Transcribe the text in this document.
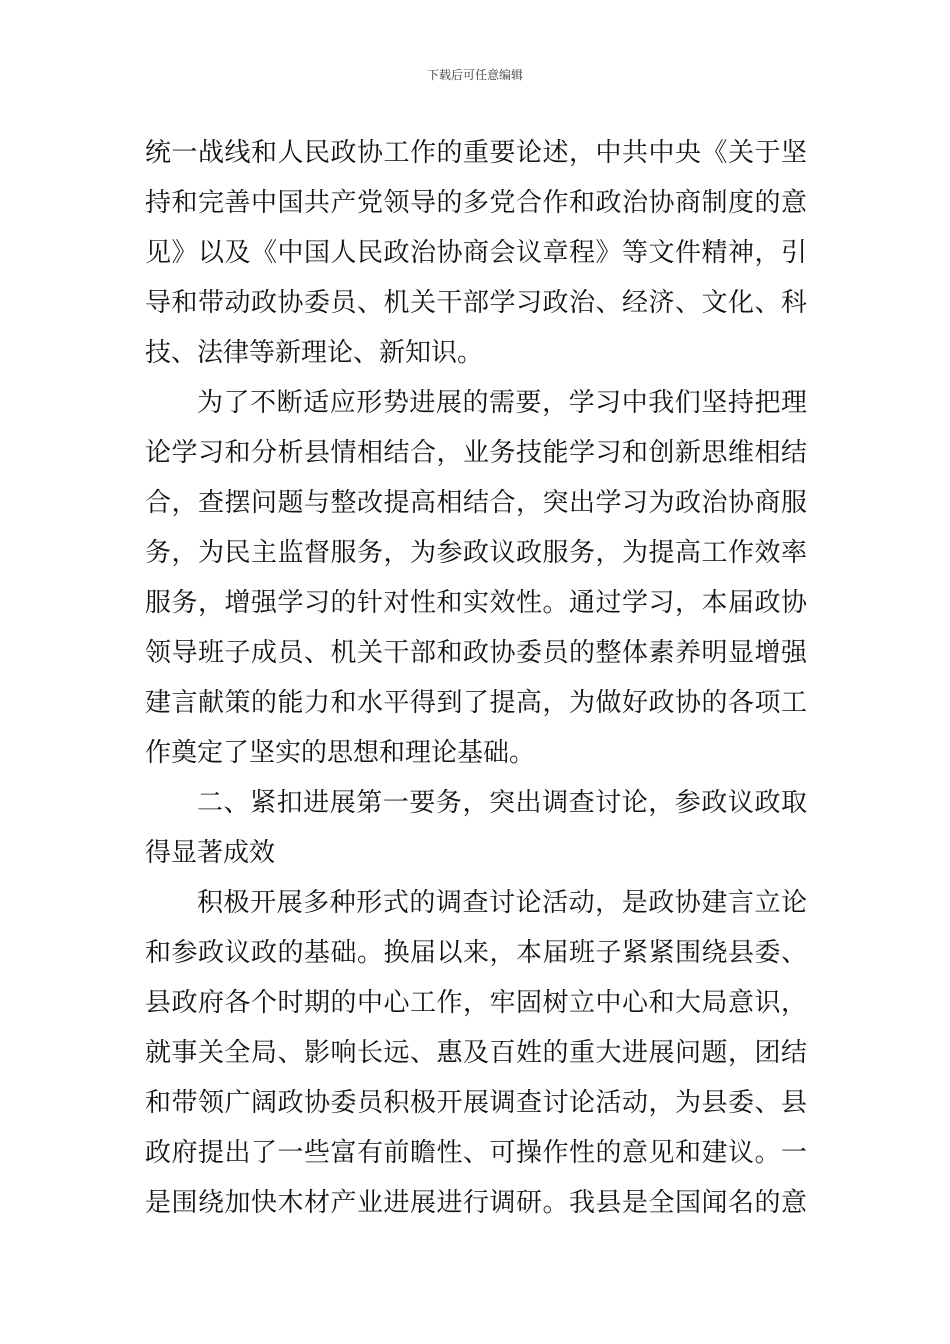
下载后可任意编辑
统一战线和人民政协工作的重要论述，中共中央《关于坚
持和完善中国共产党领导的多党合作和政治协商制度的意
见》以及《中国人民政治协商会议章程》等文件精神，引
导和带动政协委员、机关干部学习政治、经济、文化、科
技、法律等新理论、新知识。
为了不断适应形势进展的需要，学习中我们坚持把理
论学习和分析县情相结合，业务技能学习和创新思维相结
合，查摆问题与整改提高相结合，突出学习为政治协商服
务，为民主监督服务，为参政议政服务，为提高工作效率
服务，增强学习的针对性和实效性。通过学习，本届政协
领导班子成员、机关干部和政协委员的整体素养明显增强
建言献策的能力和水平得到了提高，为做好政协的各项工
作奠定了坚实的思想和理论基础。
二、紧扣进展第一要务，突出调查讨论，参政议政取
得显著成效
积极开展多种形式的调查讨论活动，是政协建言立论
和参政议政的基础。换届以来，本届班子紧紧围绕县委、
县政府各个时期的中心工作，牢固树立中心和大局意识，
就事关全局、影响长远、惠及百姓的重大进展问题，团结
和带领广阔政协委员积极开展调查讨论活动，为县委、县
政府提出了一些富有前瞻性、可操作性的意见和建议。一
是围绕加快木材产业进展进行调研。我县是全国闻名的意
